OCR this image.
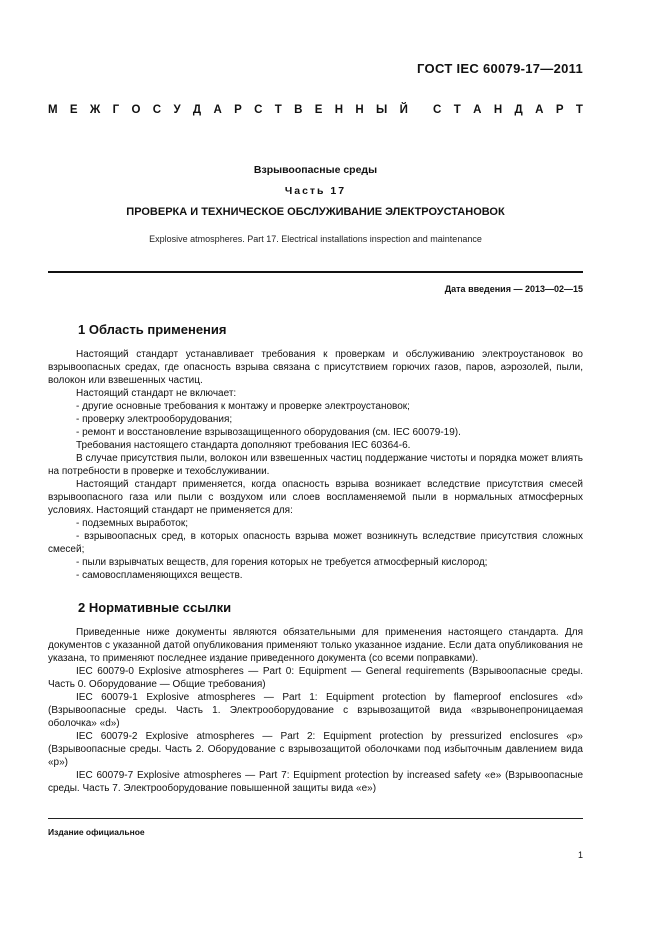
ГОСТ IEC 60079-17—2011
М Е Ж Г О С У Д А Р С Т В Е Н Н Ы Й С Т А Н Д А Р Т
Взрывоопасные среды
Часть 17
ПРОВЕРКА И ТЕХНИЧЕСКОЕ ОБСЛУЖИВАНИЕ ЭЛЕКТРОУСТАНОВОК
Explosive atmospheres. Part 17. Electrical installations inspection and maintenance
Дата введения — 2013—02—15
1 Область применения

Настоящий стандарт устанавливает требования к проверкам и обслуживанию электроустановок во взрывоопасных средах, где опасность взрыва связана с присутствием горючих газов, паров, аэрозолей, пыли, волокон или взвешенных частиц.

Настоящий стандарт не включает:

- другие основные требования к монтажу и проверке электроустановок;

- проверку электрооборудования;

- ремонт и восстановление взрывозащищенного оборудования (см. IEC 60079-19).

Требования настоящего стандарта дополняют требования IEC 60364-6.

В случае присутствия пыли, волокон или взвешенных частиц поддержание чистоты и порядка может влиять на потребности в проверке и техобслуживании.

Настоящий стандарт применяется, когда опасность взрыва возникает вследствие присутствия смесей взрывоопасного газа или пыли с воздухом или слоев воспламеняемой пыли в нормальных атмосферных условиях. Настоящий стандарт не применяется для:

- подземных выработок;

- взрывоопасных сред, в которых опасность взрыва может возникнуть вследствие присутствия сложных смесей;

- пыли взрывчатых веществ, для горения которых не требуется атмосферный кислород;

- самовоспламеняющихся веществ.

2 Нормативные ссылки

Приведенные ниже документы являются обязательными для применения настоящего стандарта. Для документов с указанной датой опубликования применяют только указанное издание. Если дата опубликования не указана, то применяют последнее издание приведенного документа (со всеми поправками).

IEC 60079-0 Explosive atmospheres — Part 0: Equipment — General requirements (Взрывоопасные среды. Часть 0. Оборудование — Общие требования)

IEC 60079-1 Explosive atmospheres — Part 1: Equipment protection by flameproof enclosures «d» (Взрывоопасные среды. Часть 1. Электрооборудование с взрывозащитой вида «взрывонепроницаемая оболочка» «d»)

IEC 60079-2 Explosive atmospheres — Part 2: Equipment protection by pressurized enclosures «p» (Взрывоопасные среды. Часть 2. Оборудование с взрывозащитой оболочками под избыточным давлением вида «p»)

IEC 60079-7 Explosive atmospheres — Part 7: Equipment protection by increased safety «e» (Взрывоопасные среды. Часть 7. Электрооборудование повышенной защиты вида «e»)

Издание официальное
1
